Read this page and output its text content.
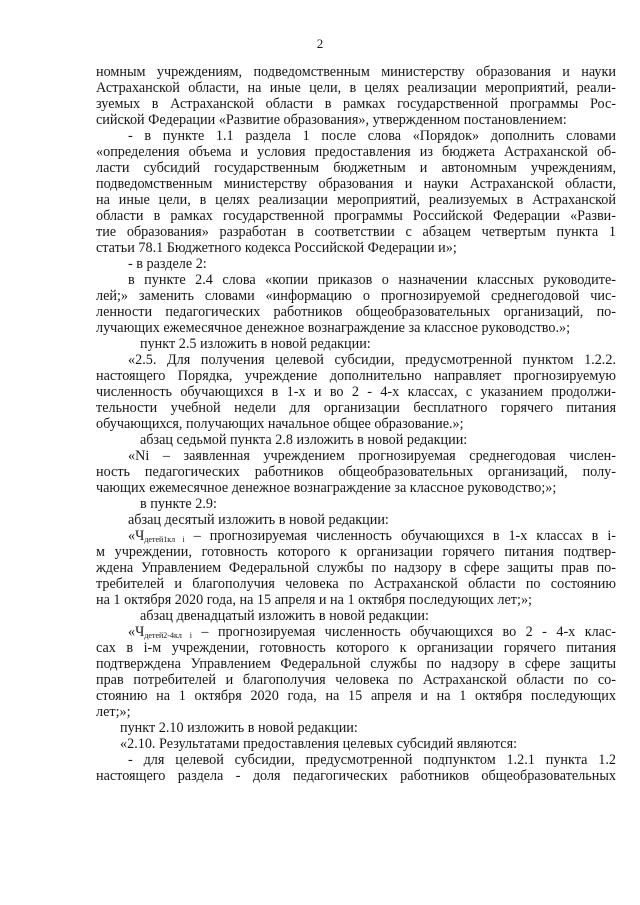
2
номным учреждениям, подведомственным министерству образования и науки
Астраханской области, на иные цели, в целях реализации мероприятий, реали-
зуемых в Астраханской области в рамках государственной программы Рос-
сийской Федерации «Развитие образования», утвержденном постановлением:
- в пункте 1.1 раздела 1 после слова «Порядок» дополнить словами
«определения объема и условия предоставления из бюджета Астраханской об-
ласти субсидий государственным бюджетным и автономным учреждениям,
подведомственным министерству образования и науки Астраханской области,
на иные цели, в целях реализации мероприятий, реализуемых в Астраханской
области в рамках государственной программы Российской Федерации «Разви-
тие образования» разработан в соответствии с абзацем четвертым пункта 1
статьи 78.1 Бюджетного кодекса Российской Федерации и»;
- в разделе 2:
в пункте 2.4 слова «копии приказов о назначении классных руководите-
лей;» заменить словами «информацию о прогнозируемой среднегодовой чис-
ленности педагогических работников общеобразовательных организаций, по-
лучающих ежемесячное денежное вознаграждение за классное руководство.»;
пункт 2.5 изложить в новой редакции:
«2.5. Для получения целевой субсидии, предусмотренной пунктом 1.2.2.
настоящего Порядка, учреждение дополнительно направляет прогнозируемую
численность обучающихся в 1-х и во 2 - 4-х классах, с указанием продолжи-
тельности учебной недели для организации бесплатного горячего питания
обучающихся, получающих начальное общее образование.»;
абзац седьмой пункта 2.8 изложить в новой редакции:
«Ni – заявленная учреждением прогнозируемая среднегодовая числен-
ность педагогических работников общеобразовательных организаций, полу-
чающих ежемесячное денежное вознаграждение за классное руководство;»;
в пункте 2.9:
абзац десятый изложить в новой редакции:
«$Ч_{детей1кл i}$ – прогнозируемая численность обучающихся в 1-х классах в i-
м учреждении, готовность которого к организации горячего питания подтвер-
ждена Управлением Федеральной службы по надзору в сфере защиты прав по-
требителей и благополучия человека по Астраханской области по состоянию
на 1 октября 2020 года, на 15 апреля и на 1 октября последующих лет;»;
абзац двенадцатый изложить в новой редакции:
«$Ч_{детей2-4кл i}$ – прогнозируемая численность обучающихся во 2 - 4-х клас-
сах в i-м учреждении, готовность которого к организации горячего питания
подтверждена Управлением Федеральной службы по надзору в сфере защиты
прав потребителей и благополучия человека по Астраханской области по со-
стоянию на 1 октября 2020 года, на 15 апреля и на 1 октября последующих
лет;»;
пункт 2.10 изложить в новой редакции:
«2.10. Результатами предоставления целевых субсидий являются:
- для целевой субсидии, предусмотренной подпунктом 1.2.1 пункта 1.2
настоящего раздела - доля педагогических работников общеобразовательных
